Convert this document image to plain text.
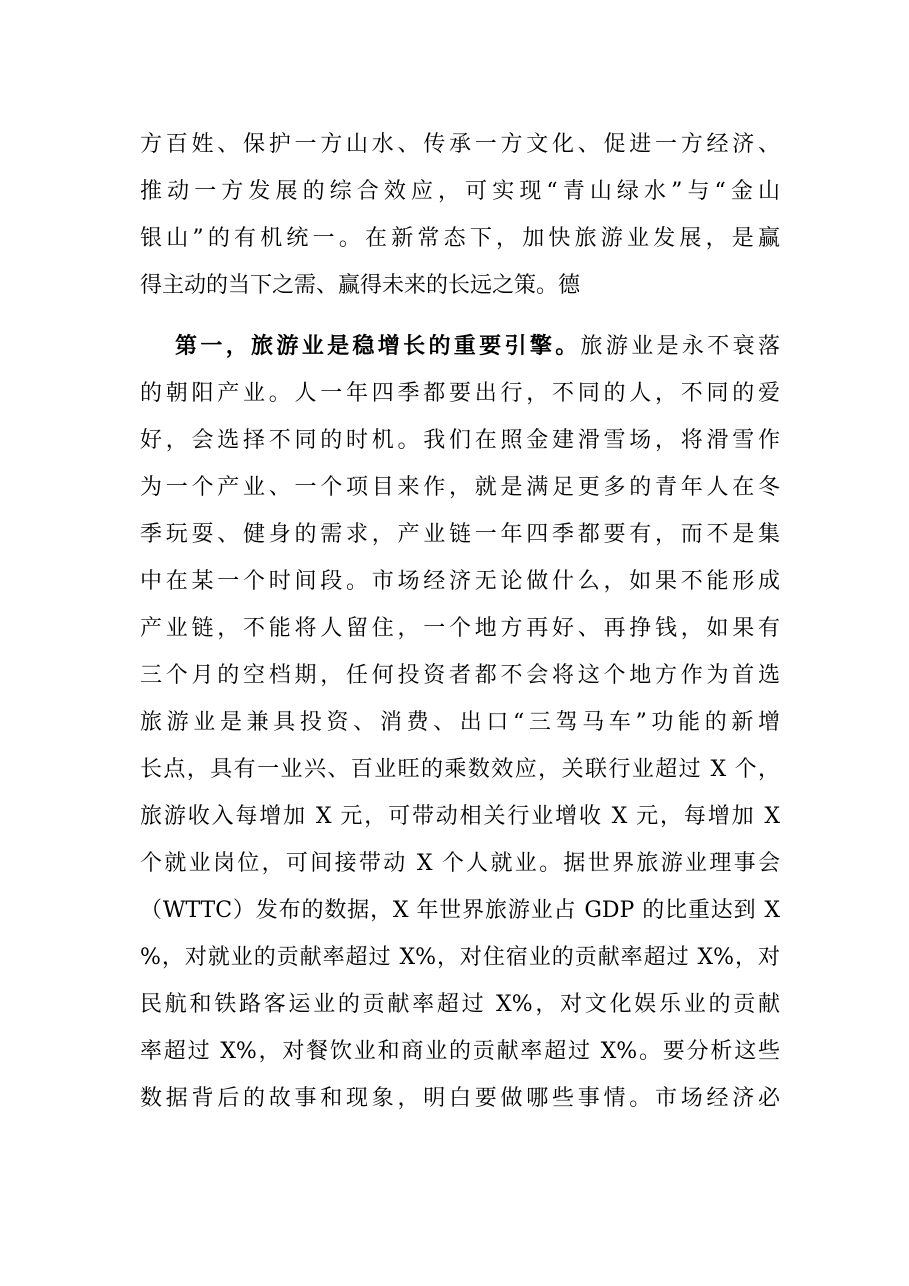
方百姓、保护一方山水、传承一方文化、促进一方经济、
推动一方发展的综合效应，可实现“青山绿水”与“金山
银山”的有机统一。在新常态下，加快旅游业发展，是赢
得主动的当下之需、赢得未来的长远之策。德
第一，旅游业是稳增长的重要引擎。旅游业是永不衰落
的朝阳产业。人一年四季都要出行，不同的人，不同的爱
好，会选择不同的时机。我们在照金建滑雪场，将滑雪作
为一个产业、一个项目来作，就是满足更多的青年人在冬
季玩耍、健身的需求，产业链一年四季都要有，而不是集
中在某一个时间段。市场经济无论做什么，如果不能形成
产业链，不能将人留住，一个地方再好、再挣钱，如果有
三个月的空档期，任何投资者都不会将这个地方作为首选
旅游业是兼具投资、消费、出口“三驾马车”功能的新增
长点，具有一业兴、百业旺的乘数效应，关联行业超过 X 个，
旅游收入每增加 X 元，可带动相关行业增收 X 元，每增加 X
个就业岗位，可间接带动 X 个人就业。据世界旅游业理事会
（WTTC）发布的数据，X 年世界旅游业占 GDP 的比重达到 X
%，对就业的贡献率超过 X%，对住宿业的贡献率超过 X%，对
民航和铁路客运业的贡献率超过 X%，对文化娱乐业的贡献
率超过 X%，对餐饮业和商业的贡献率超过 X%。要分析这些
数据背后的故事和现象，明白要做哪些事情。市场经济必
